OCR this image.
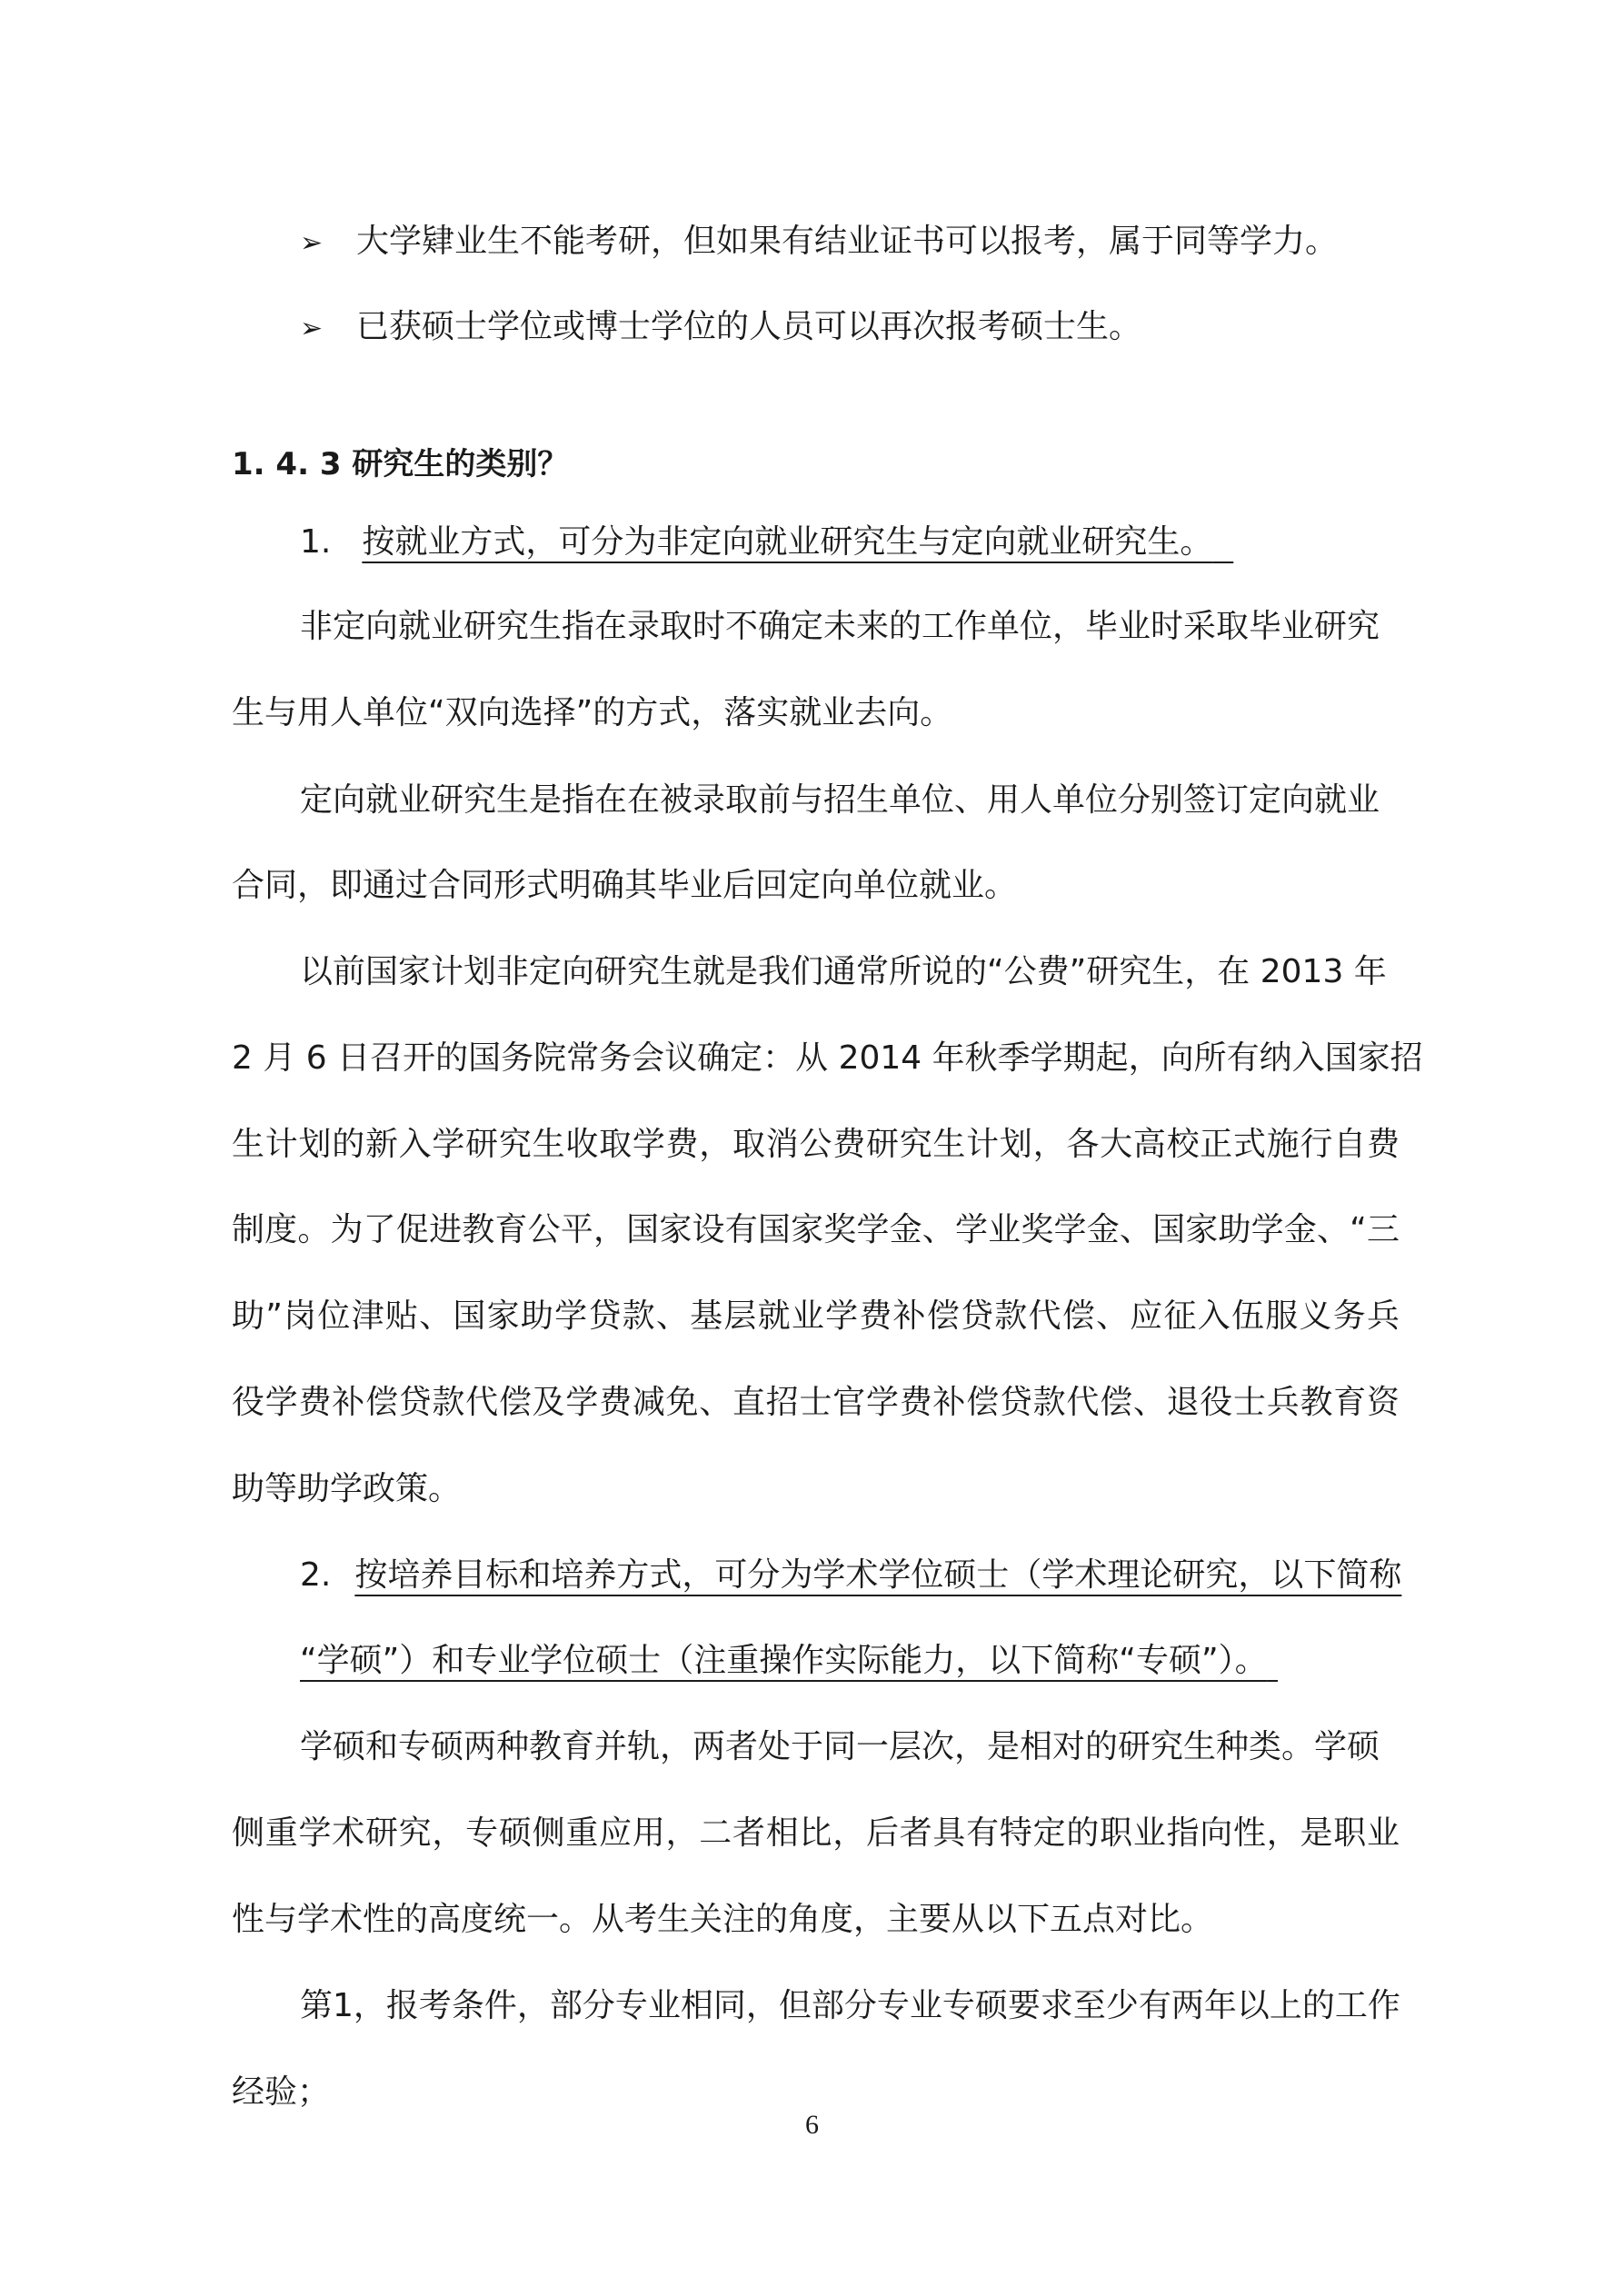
➢ 大学肄业生不能考研，但如果有结业证书可以报考，属于同等学力。
➢ 已获硕士学位或博士学位的人员可以再次报考硕士生。
1. 4. 3 研究生的类别？
1. 按就业方式，可分为非定向就业研究生与定向就业研究生。
非定向就业研究生指在录取时不确定未来的工作单位，毕业时采取毕业研究
生与用人单位“双向选择”的方式，落实就业去向。
定向就业研究生是指在在被录取前与招生单位、用人单位分别签订定向就业
合同，即通过合同形式明确其毕业后回定向单位就业。
以前国家计划非定向研究生就是我们通常所说的“公费”研究生，在 2013 年
2 月 6 日召开的国务院常务会议确定：从 2014 年秋季学期起，向所有纳入国家招
生计划的新入学研究生收取学费，取消公费研究生计划，各大高校正式施行自费
制度。为了促进教育公平，国家设有国家奖学金、学业奖学金、国家助学金、“三
助”岗位津贴、国家助学贷款、基层就业学费补偿贷款代偿、应征入伍服义务兵
役学费补偿贷款代偿及学费减免、直招士官学费补偿贷款代偿、退役士兵教育资
助等助学政策。
2. 按培养目标和培养方式，可分为学术学位硕士（学术理论研究，以下简称
“学硕”）和专业学位硕士（注重操作实际能力，以下简称“专硕”）。
学硕和专硕两种教育并轨，两者处于同一层次，是相对的研究生种类。学硕
侧重学术研究，专硕侧重应用，二者相比，后者具有特定的职业指向性，是职业
性与学术性的高度统一。从考生关注的角度，主要从以下五点对比。
第1，报考条件，部分专业相同，但部分专业专硕要求至少有两年以上的工作
经验；
6
